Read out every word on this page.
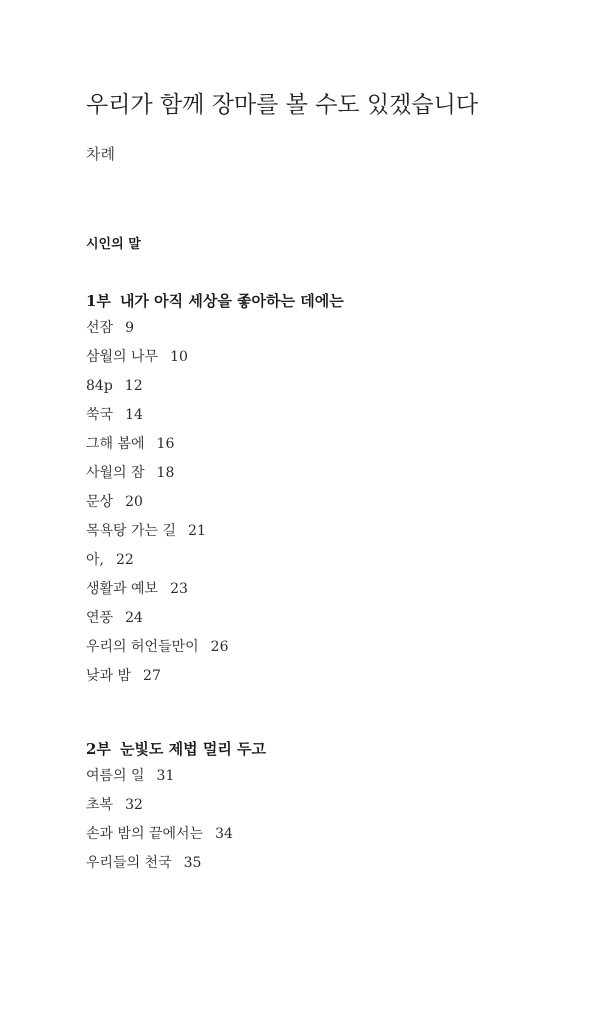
우리가 함께 장마를 볼 수도 있겠습니다
차례
시인의 말
1부 내가 아직 세상을 좋아하는 데에는
선잠 9
삼월의 나무 10
84p 12
쑥국 14
그해 봄에 16
사월의 잠 18
문상 20
목욕탕 가는 길 21
아, 22
생활과 예보 23
연풍 24
우리의 허언들만이 26
낮과 밤 27
2부 눈빛도 제법 멀리 두고
여름의 일 31
초복 32
손과 밤의 끝에서는 34
우리들의 천국 35
